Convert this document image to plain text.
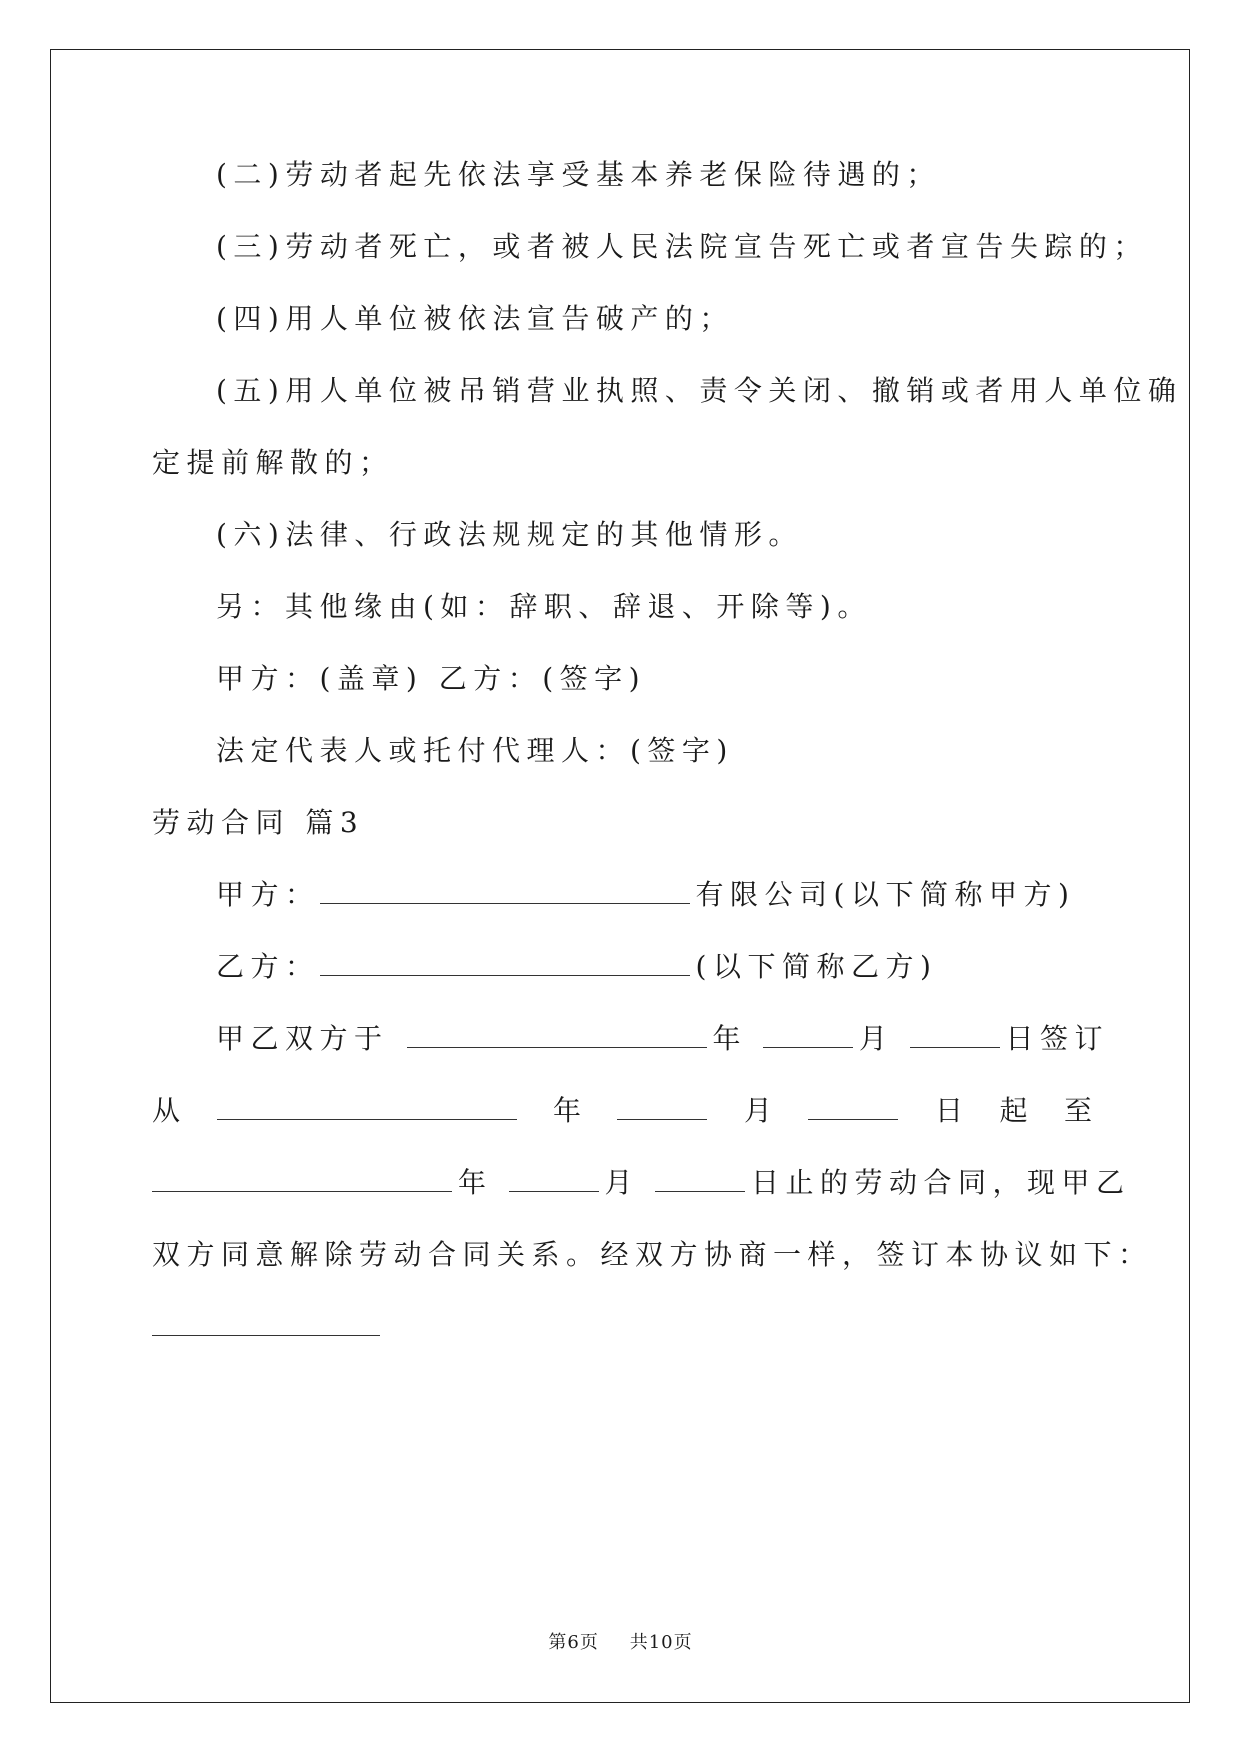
(二)劳动者起先依法享受基本养老保险待遇的；
(三)劳动者死亡，或者被人民法院宣告死亡或者宣告失踪的；
(四)用人单位被依法宣告破产的；
(五)用人单位被吊销营业执照、责令关闭、撤销或者用人单位确
定提前解散的；
(六)法律、行政法规规定的其他情形。
另：其他缘由(如：辞职、辞退、开除等)。
甲方：(盖章) 乙方：(签字)
法定代表人或托付代理人：(签字)
劳动合同 篇3
甲方：	有限公司(以下简称甲方)
乙方：	(以下简称乙方)
甲乙双方于	年	月	日签订
从	年	月	日 起 至
年	月	日止的劳动合同，现甲乙
双方同意解除劳动合同关系。经双方协商一样，签订本协议如下：
第6页 共10页
